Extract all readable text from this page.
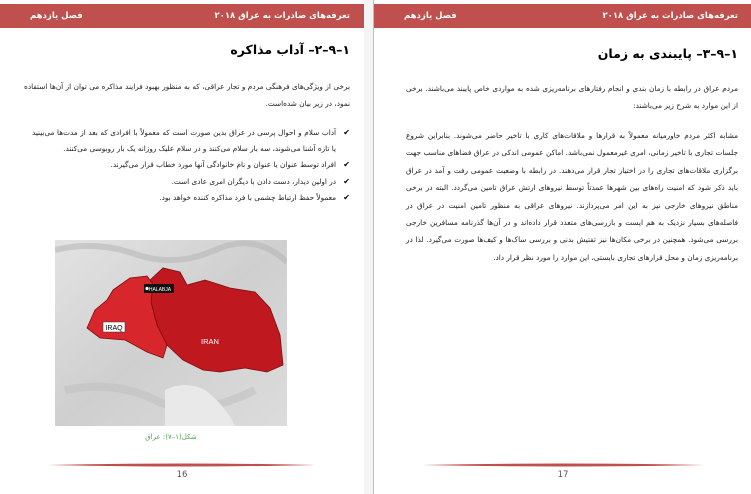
فصل یازدهم	تعرفه‌های صادرات به عراق ۲۰۱۸
۱–۹–۲– آداب مذاکره

برخی از ویژگی‌های فرهنگی مردم و تجار عراقی، که به منظور بهبود فرایند مذاکره می توان از آن‌ها استفاده نمود، در زیر بیان شده‌است.

✔
آداب سلام و احوال پرسی در عراق بدین صورت است که معمولاً با افرادی که بعد از مدت‌ها می‌بینید یا تازه آشنا می‌شوند، سه بار سلام می‌کنند و در سلام علیک روزانه یک بار روبوسی می‌کنند.
✔
افراد توسط عنوان یا عنوان و نام خانوادگی آنها مورد خطاب قرار می‌گیرند.
✔
در اولین دیدار، دست دادن با دیگران امری عادی است.
✔
معمولاً حفظ ارتباط چشمی با فرد مذاکره کننده خواهد بود.
IRAQ
IRAN
HALABJA
شکل(۱–۷): عراق
16
فصل یازدهم	تعرفه‌های صادرات به عراق ۲۰۱۸
۱–۹–۳– پایبندی به زمان

مردم عراق در رابطه با زمان بندی و انجام رفتارهای برنامه‌ریزی شده به مواردی خاص پایبند می‌باشند. برخی از این موارد به شرح زیر می‌باشند:

مشابه اکثر مردم خاورمیانه معمولاً به قرارها و ملاقات‌های کاری با تاخیر حاضر می‌شوند. بنابراین شروع جلسات تجاری با تاخیر زمانی، امری غیرمعمول نمی‌باشد. اماکن عمومی اندکی در عراق فضاهای مناسب جهت برگزاری ملاقات‌های تجاری را در اختیار تجار قرار می‌دهند. در رابطه با وضعیت عمومی رفت و آمد در عراق باید ذکر شود که امنیت راه‌های بین شهرها عمدتاً توسط نیروهای ارتش عراق تامین می‌گردد. البته در برخی مناطق نیروهای خارجی نیز به این امر می‌پردازند. نیروهای عراقی به منظور تامین امنیت در عراق در فاصله‌های بسیار نزدیک به هم ایست و بازرسی‌های متعدد قرار داده‌اند و در آن‌ها گذرنامه مسافرین خارجی بررسی می‌شود. همچنین در برخی مکان‌ها نیز تفتیش بدنی و بررسی ساک‌ها و کیف‌ها صورت می‌گیرد. لذا در برنامه‌ریزی زمان و محل قرارهای تجاری بایستی، این موارد را مورد نظر قرار داد.

17
